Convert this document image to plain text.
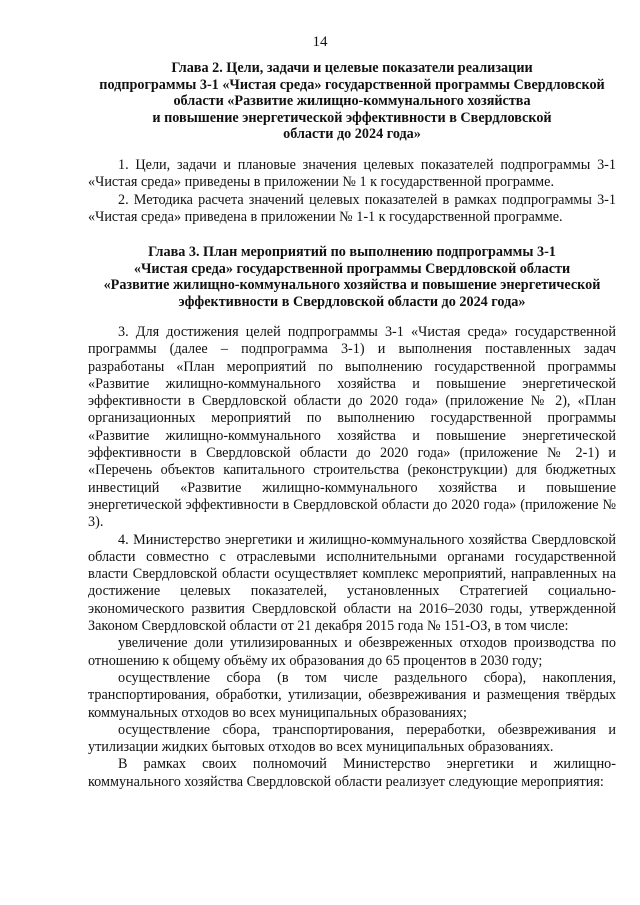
14
Глава 2. Цели, задачи и целевые показатели реализации
подпрограммы 3-1 «Чистая среда» государственной программы Свердловской
области «Развитие жилищно-коммунального хозяйства
и повышение энергетической эффективности в Свердловской
области до 2024 года»

1. Цели, задачи и плановые значения целевых показателей подпрограммы 3-1 «Чистая среда» приведены в приложении № 1 к государственной программе.

2. Методика расчета значений целевых показателей в рамках подпрограммы 3-1 «Чистая среда» приведена в приложении № 1-1 к государственной программе.

Глава 3. План мероприятий по выполнению подпрограммы 3-1
«Чистая среда» государственной программы Свердловской области
«Развитие жилищно-коммунального хозяйства и повышение энергетической
эффективности в Свердловской области до 2024 года»

3. Для достижения целей подпрограммы 3-1 «Чистая среда» государственной программы (далее – подпрограмма 3-1) и выполнения поставленных задач разработаны «План мероприятий по выполнению государственной программы «Развитие жилищно-коммунального хозяйства и повышение энергетической эффективности в Свердловской области до 2020 года» (приложение № 2), «План организационных мероприятий по выполнению государственной программы «Развитие жилищно-коммунального хозяйства и повышение энергетической эффективности в Свердловской области до 2020 года» (приложение № 2-1) и «Перечень объектов капитального строительства (реконструкции) для бюджетных инвестиций «Развитие жилищно-коммунального хозяйства и повышение энергетической эффективности в Свердловской области до 2020 года» (приложение № 3).

4. Министерство энергетики и жилищно-коммунального хозяйства Свердловской области совместно с отраслевыми исполнительными органами государственной власти Свердловской области осуществляет комплекс мероприятий, направленных на достижение целевых показателей, установленных Стратегией социально-экономического развития Свердловской области на 2016–2030 годы, утвержденной Законом Свердловской области от 21 декабря 2015 года № 151-ОЗ, в том числе:

увеличение доли утилизированных и обезвреженных отходов производства по отношению к общему объёму их образования до 65 процентов в 2030 году;

осуществление сбора (в том числе раздельного сбора), накопления, транспортирования, обработки, утилизации, обезвреживания и размещения твёрдых коммунальных отходов во всех муниципальных образованиях;

осуществление сбора, транспортирования, переработки, обезвреживания и утилизации жидких бытовых отходов во всех муниципальных образованиях.

В рамках своих полномочий Министерство энергетики и жилищно-коммунального хозяйства Свердловской области реализует следующие мероприятия:
